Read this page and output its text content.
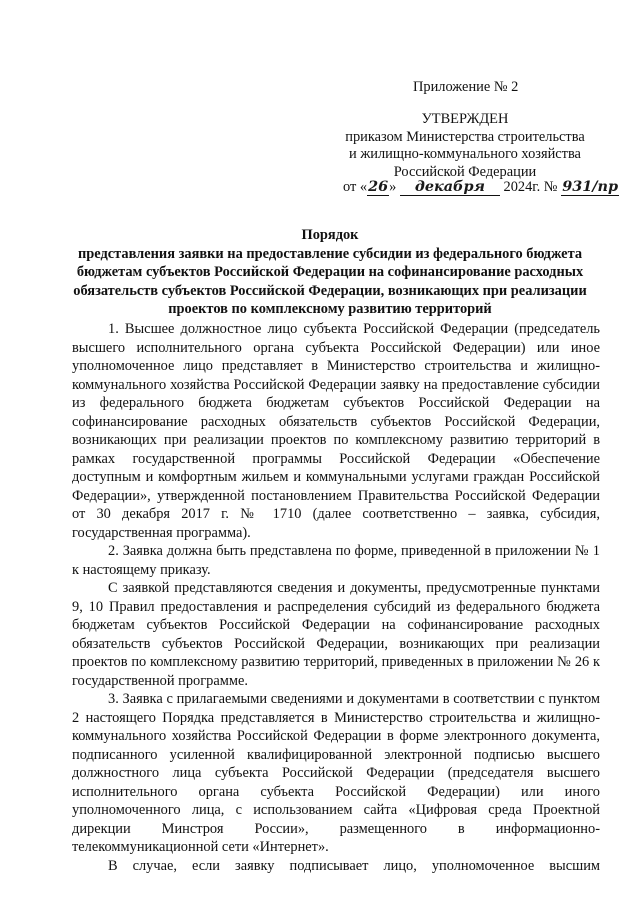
Приложение № 2
УТВЕРЖДЕН
приказом Министерства строительства
и жилищно-коммунального хозяйства
Российской Федерации
от «26» декабря 2024г. № 931/пр
Порядок
представления заявки на предоставление субсидии из федерального бюджета
бюджетам субъектов Российской Федерации на софинансирование расходных
обязательств субъектов Российской Федерации, возникающих при реализации
проектов по комплексному развитию территорий

1. Высшее должностное лицо субъекта Российской Федерации (председатель высшего исполнительного органа субъекта Российской Федерации) или иное уполномоченное лицо представляет в Министерство строительства и жилищно-коммунального хозяйства Российской Федерации заявку на предоставление субсидии из федерального бюджета бюджетам субъектов Российской Федерации на софинансирование расходных обязательств субъектов Российской Федерации, возникающих при реализации проектов по комплексному развитию территорий в рамках государственной программы Российской Федерации «Обеспечение доступным и комфортным жильем и коммунальными услугами граждан Российской Федерации», утвержденной постановлением Правительства Российской Федерации от 30 декабря 2017 г. № 1710 (далее соответственно – заявка, субсидия, государственная программа).

2. Заявка должна быть представлена по форме, приведенной в приложении № 1 к настоящему приказу.

С заявкой представляются сведения и документы, предусмотренные пунктами 9, 10 Правил предоставления и распределения субсидий из федерального бюджета бюджетам субъектов Российской Федерации на софинансирование расходных обязательств субъектов Российской Федерации, возникающих при реализации проектов по комплексному развитию территорий, приведенных в приложении № 26 к государственной программе.

3. Заявка с прилагаемыми сведениями и документами в соответствии с пунктом 2 настоящего Порядка представляется в Министерство строительства и жилищно-коммунального хозяйства Российской Федерации в форме электронного документа, подписанного усиленной квалифицированной электронной подписью высшего должностного лица субъекта Российской Федерации (председателя высшего исполнительного органа субъекта Российской Федерации) или иного уполномоченного лица, с использованием сайта «Цифровая среда Проектной дирекции Минстроя России», размещенного в информационно-телекоммуникационной сети «Интернет».

В случае, если заявку подписывает лицо, уполномоченное высшим
